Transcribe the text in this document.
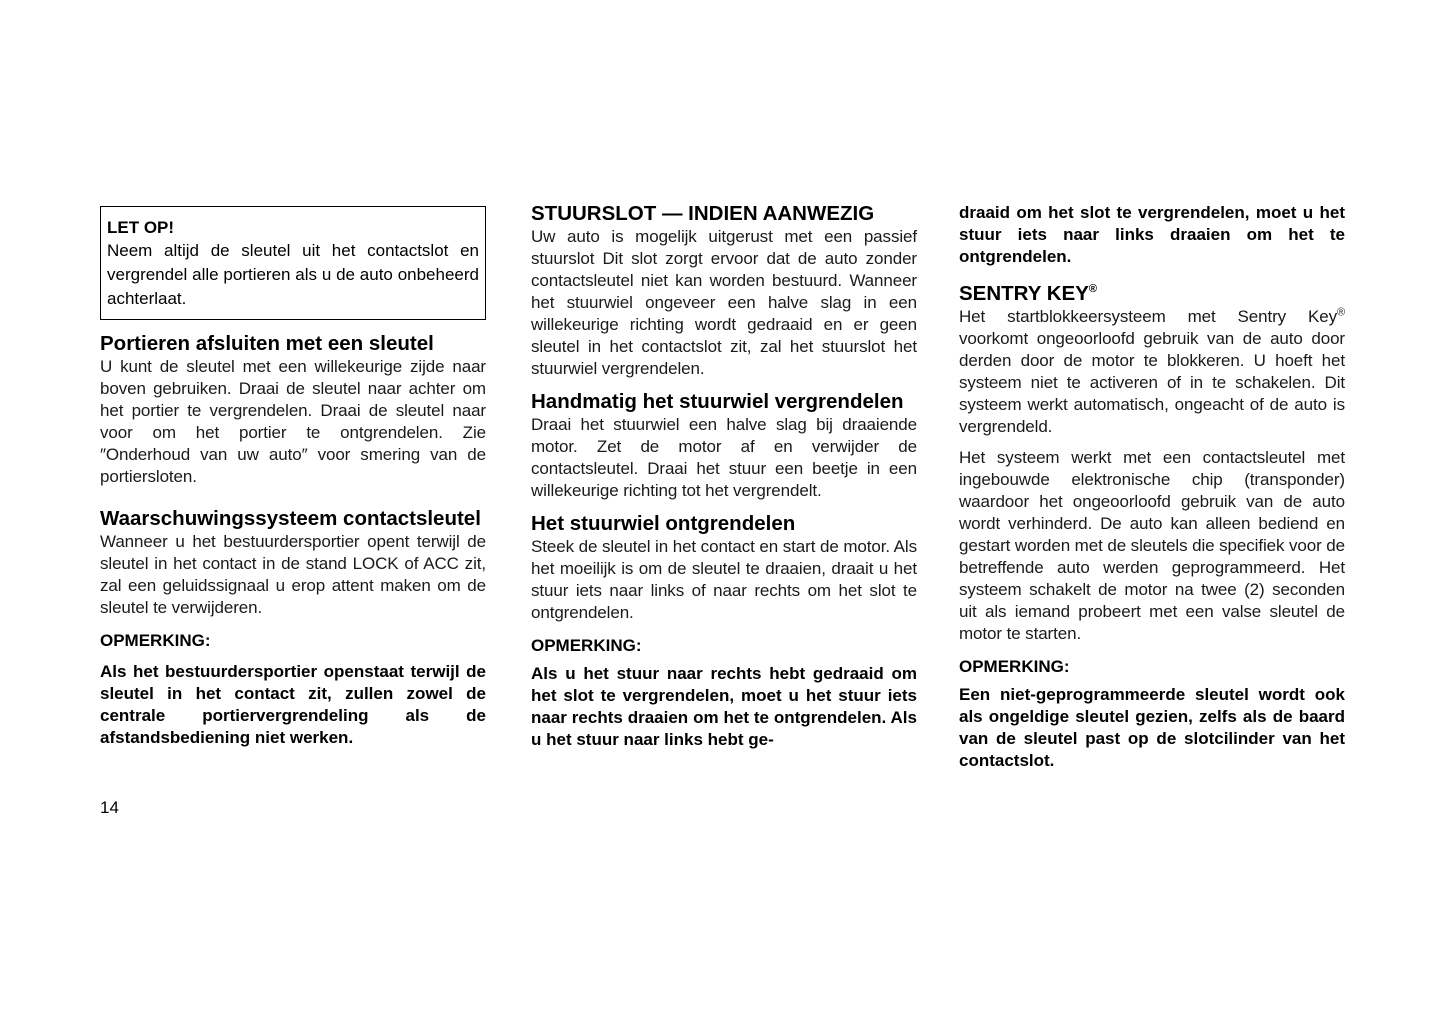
LET OP!

Neem altijd de sleutel uit het contactslot en vergrendel alle portieren als u de auto onbeheerd achterlaat.

Portieren afsluiten met een sleutel

U kunt de sleutel met een willekeurige zijde naar boven gebruiken. Draai de sleutel naar achter om het portier te vergrendelen. Draai de sleutel naar voor om het portier te ontgrendelen. Zie ″Onderhoud van uw auto″ voor smering van de portiersloten.

Waarschuwingssysteem contactsleutel

Wanneer u het bestuurdersportier opent terwijl de sleutel in het contact in de stand LOCK of ACC zit, zal een geluidssignaal u erop attent maken om de sleutel te verwijderen.

OPMERKING:

Als het bestuurdersportier openstaat terwijl de sleutel in het contact zit, zullen zowel de centrale portiervergrendeling als de afstandsbediening niet werken.

STUURSLOT — INDIEN AANWEZIG

Uw auto is mogelijk uitgerust met een passief stuurslot Dit slot zorgt ervoor dat de auto zonder contactsleutel niet kan worden bestuurd. Wanneer het stuurwiel ongeveer een halve slag in een willekeurige richting wordt gedraaid en er geen sleutel in het contactslot zit, zal het stuurslot het stuurwiel vergrendelen.

Handmatig het stuurwiel vergrendelen

Draai het stuurwiel een halve slag bij draaiende motor. Zet de motor af en verwijder de contactsleutel. Draai het stuur een beetje in een willekeurige richting tot het vergrendelt.

Het stuurwiel ontgrendelen

Steek de sleutel in het contact en start de motor. Als het moeilijk is om de sleutel te draaien, draait u het stuur iets naar links of naar rechts om het slot te ontgrendelen.

OPMERKING:

Als u het stuur naar rechts hebt gedraaid om het slot te vergrendelen, moet u het stuur iets naar rechts draaien om het te ontgrendelen. Als u het stuur naar links hebt ge-

draaid om het slot te vergrendelen, moet u het stuur iets naar links draaien om het te ontgrendelen.

SENTRY KEY®

Het startblokkeersysteem met Sentry Key® voorkomt ongeoorloofd gebruik van de auto door derden door de motor te blokkeren. U hoeft het systeem niet te activeren of in te schakelen. Dit systeem werkt automatisch, ongeacht of de auto is vergrendeld.

Het systeem werkt met een contactsleutel met ingebouwde elektronische chip (transponder) waardoor het ongeoorloofd gebruik van de auto wordt verhinderd. De auto kan alleen bediend en gestart worden met de sleutels die specifiek voor de betreffende auto werden geprogrammeerd. Het systeem schakelt de motor na twee (2) seconden uit als iemand probeert met een valse sleutel de motor te starten.

OPMERKING:

Een niet-geprogrammeerde sleutel wordt ook als ongeldige sleutel gezien, zelfs als de baard van de sleutel past op de slotcilinder van het contactslot.

14
